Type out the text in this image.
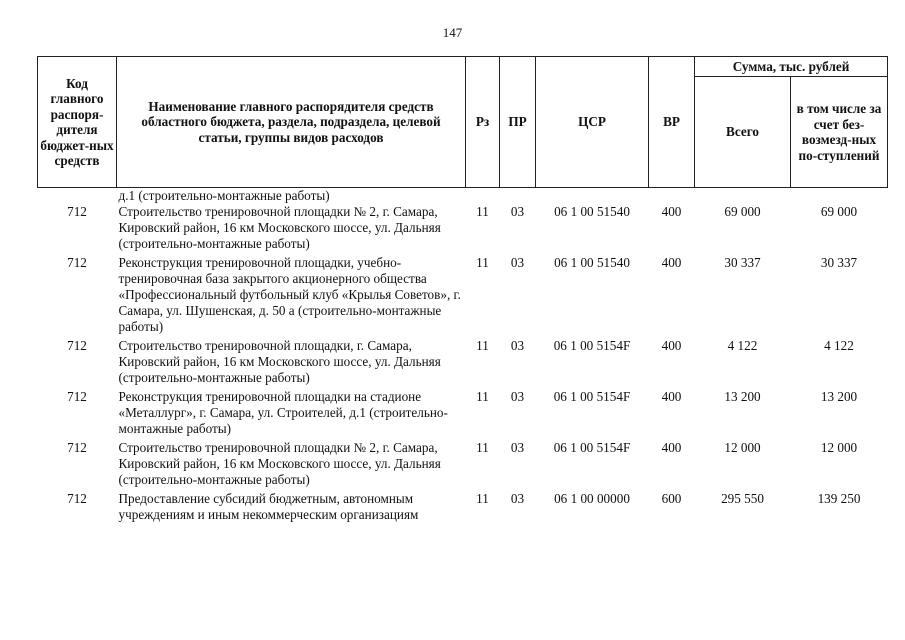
147
Код главного распоря-дителя бюджет-ных средств	Наименование главного распорядителя средств областного бюджета, раздела, подраздела, целевой статьи, группы видов расходов	Рз	ПР	ЦСР	ВР	Сумма, тыс. рублей	
						Всего	в том числе за счет без-возмезд-ных по-ступлений
	д.1 (строительно-монтажные работы)						
712	Строительство тренировочной площадки № 2, г. Самара, Кировский район, 16 км Московского шоссе, ул. Дальняя (строительно-монтажные работы)	11	03	06 1 00 51540	400	69 000	69 000
712	Реконструкция тренировочной площадки, учебно-тренировочная база закрытого акционерного общества «Профессиональный футбольный клуб «Крылья Советов», г. Самара, ул. Шушенская, д. 50 а (строительно-монтажные работы)	11	03	06 1 00 51540	400	30 337	30 337
712	Строительство тренировочной площадки, г. Самара, Кировский район, 16 км Московского шоссе, ул. Дальняя (строительно-монтажные работы)	11	03	06 1 00 5154F	400	4 122	4 122
712	Реконструкция тренировочной площадки на стадионе «Металлург», г. Самара, ул. Строителей, д.1 (строительно-монтажные работы)	11	03	06 1 00 5154F	400	13 200	13 200
712	Строительство тренировочной площадки № 2, г. Самара, Кировский район, 16 км Московского шоссе, ул. Дальняя (строительно-монтажные работы)	11	03	06 1 00 5154F	400	12 000	12 000
712	Предоставление субсидий бюджетным, автономным учреждениям и иным некоммерческим организациям	11	03	06 1 00 00000	600	295 550	139 250
